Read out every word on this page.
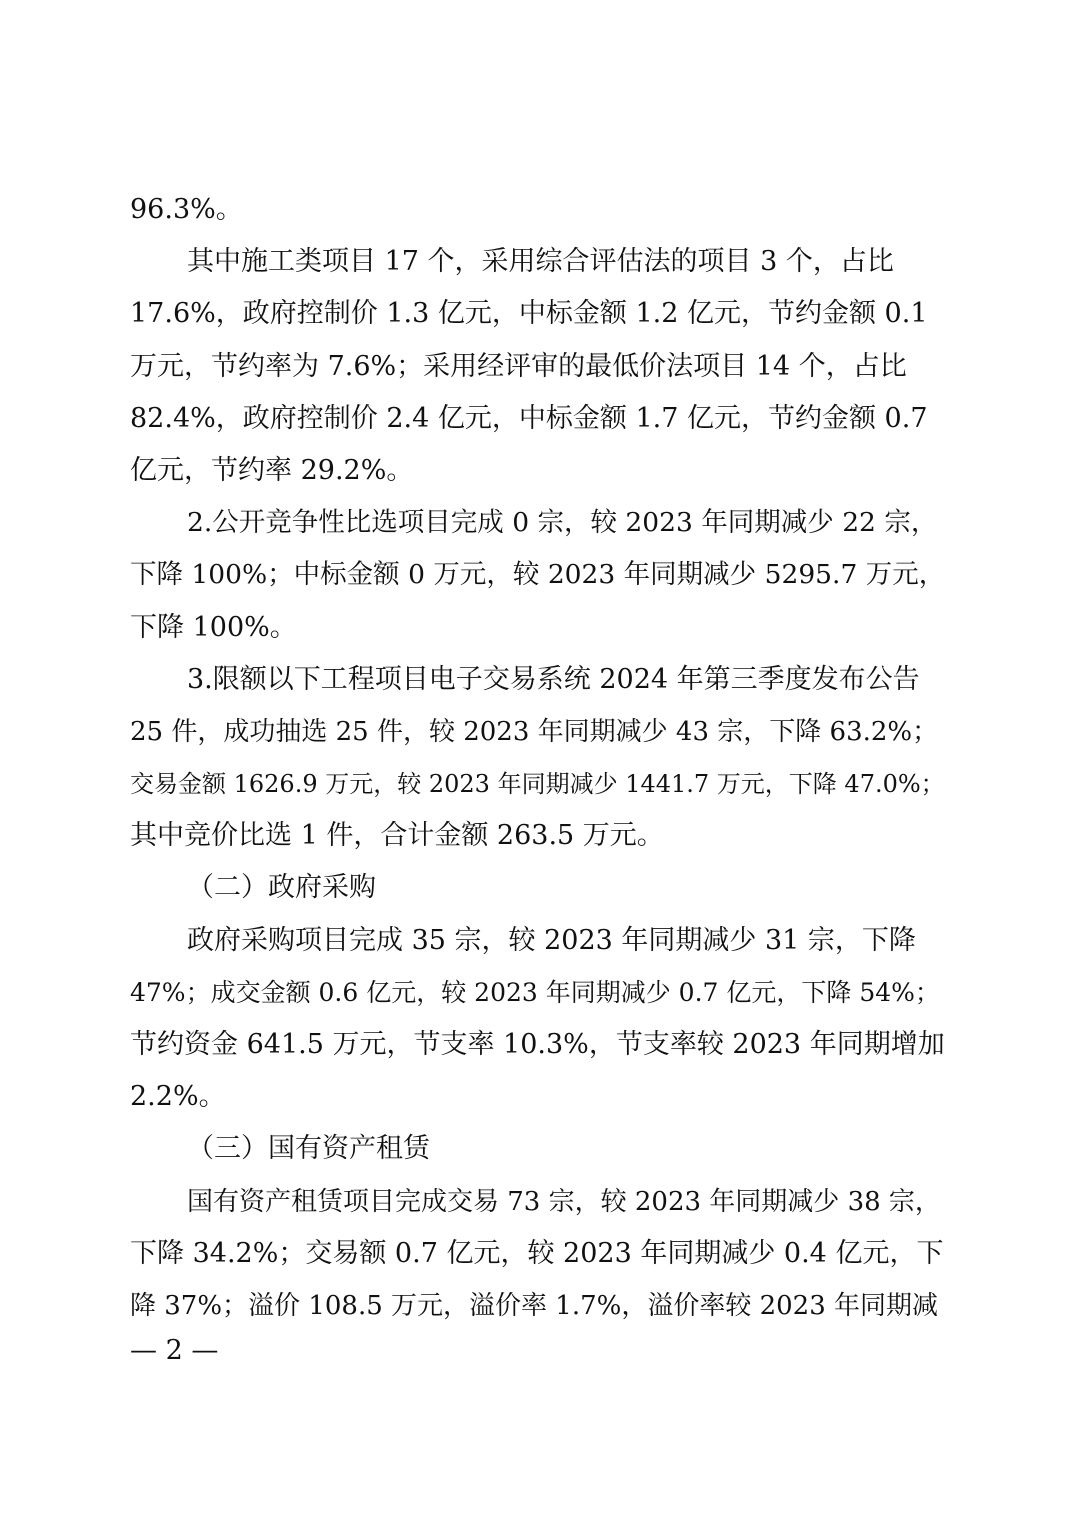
96.3%。
其中施工类项目 17 个，采用综合评估法的项目 3 个，占比
17.6%，政府控制价 1.3 亿元，中标金额 1.2 亿元，节约金额 0.1
万元，节约率为 7.6%；采用经评审的最低价法项目 14 个，占比
82.4%，政府控制价 2.4 亿元，中标金额 1.7 亿元，节约金额 0.7
亿元，节约率 29.2%。
2.公开竞争性比选项目完成 0 宗，较 2023 年同期减少 22 宗，
下降 100%；中标金额 0 万元，较 2023 年同期减少 5295.7 万元，
下降 100%。
3.限额以下工程项目电子交易系统 2024 年第三季度发布公告
25 件，成功抽选 25 件，较 2023 年同期减少 43 宗，下降 63.2%；
交易金额 1626.9 万元，较 2023 年同期减少 1441.7 万元，下降 47.0%；
其中竞价比选 1 件，合计金额 263.5 万元。
（二）政府采购
政府采购项目完成 35 宗，较 2023 年同期减少 31 宗，下降
47%；成交金额 0.6 亿元，较 2023 年同期减少 0.7 亿元，下降 54%；
节约资金 641.5 万元，节支率 10.3%，节支率较 2023 年同期增加
2.2%。
（三）国有资产租赁
国有资产租赁项目完成交易 73 宗，较 2023 年同期减少 38 宗，
下降 34.2%；交易额 0.7 亿元，较 2023 年同期减少 0.4 亿元，下
降 37%；溢价 108.5 万元，溢价率 1.7%，溢价率较 2023 年同期减
— 2 —
